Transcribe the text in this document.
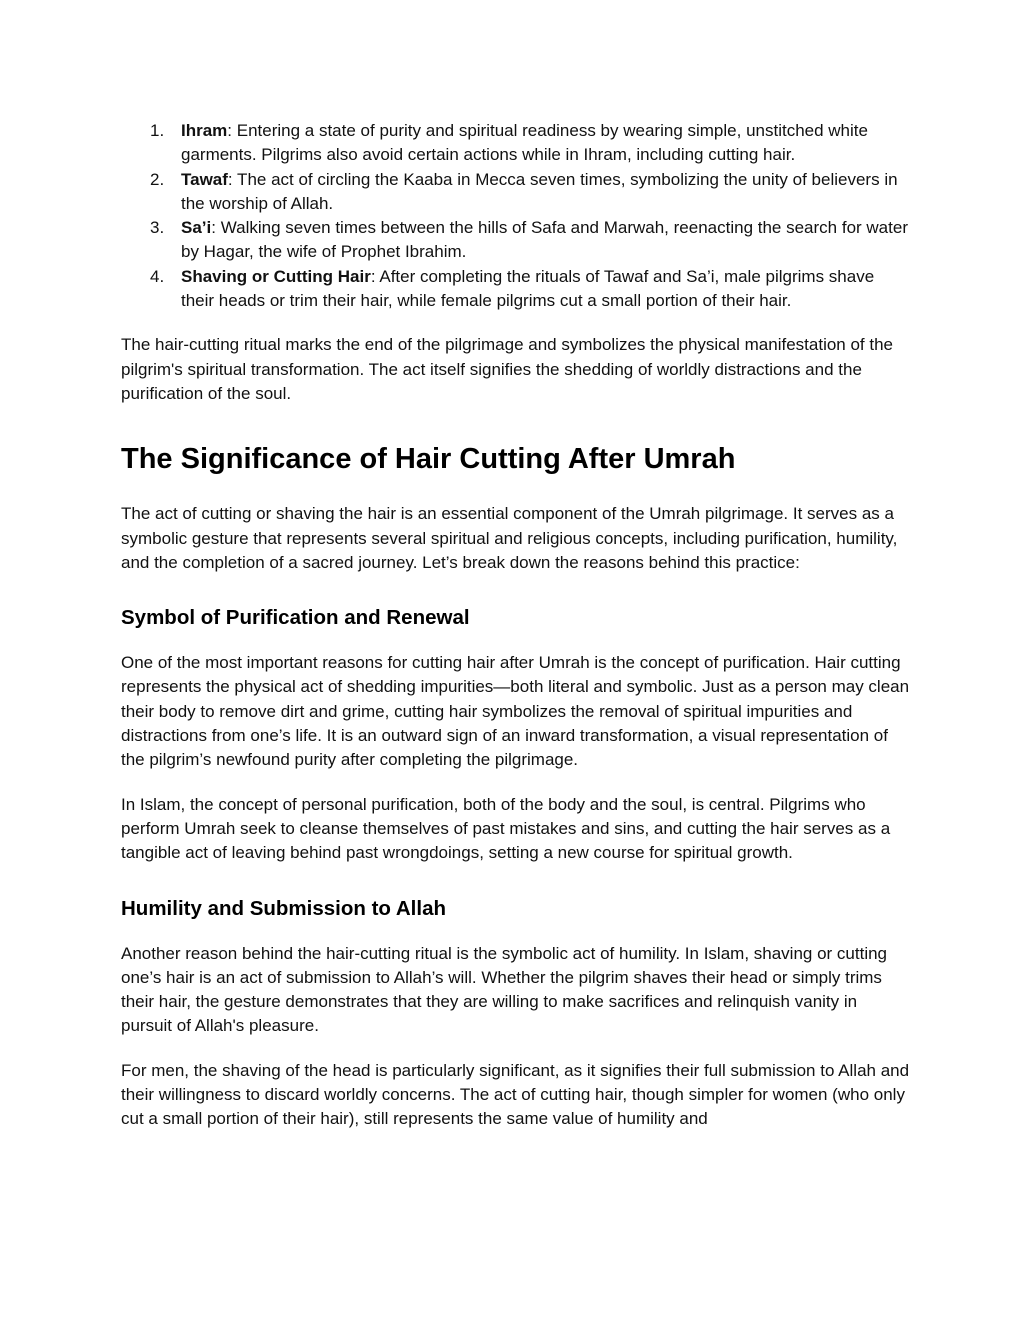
1. Ihram: Entering a state of purity and spiritual readiness by wearing simple, unstitched white garments. Pilgrims also avoid certain actions while in Ihram, including cutting hair.
2. Tawaf: The act of circling the Kaaba in Mecca seven times, symbolizing the unity of believers in the worship of Allah.
3. Sa’i: Walking seven times between the hills of Safa and Marwah, reenacting the search for water by Hagar, the wife of Prophet Ibrahim.
4. Shaving or Cutting Hair: After completing the rituals of Tawaf and Sa’i, male pilgrims shave their heads or trim their hair, while female pilgrims cut a small portion of their hair.

The hair-cutting ritual marks the end of the pilgrimage and symbolizes the physical manifestation of the pilgrim's spiritual transformation. The act itself signifies the shedding of worldly distractions and the purification of the soul.

The Significance of Hair Cutting After Umrah

The act of cutting or shaving the hair is an essential component of the Umrah pilgrimage. It serves as a symbolic gesture that represents several spiritual and religious concepts, including purification, humility, and the completion of a sacred journey. Let’s break down the reasons behind this practice:

Symbol of Purification and Renewal

One of the most important reasons for cutting hair after Umrah is the concept of purification. Hair cutting represents the physical act of shedding impurities—both literal and symbolic. Just as a person may clean their body to remove dirt and grime, cutting hair symbolizes the removal of spiritual impurities and distractions from one’s life. It is an outward sign of an inward transformation, a visual representation of the pilgrim’s newfound purity after completing the pilgrimage.

In Islam, the concept of personal purification, both of the body and the soul, is central. Pilgrims who perform Umrah seek to cleanse themselves of past mistakes and sins, and cutting the hair serves as a tangible act of leaving behind past wrongdoings, setting a new course for spiritual growth.

Humility and Submission to Allah

Another reason behind the hair-cutting ritual is the symbolic act of humility. In Islam, shaving or cutting one’s hair is an act of submission to Allah’s will. Whether the pilgrim shaves their head or simply trims their hair, the gesture demonstrates that they are willing to make sacrifices and relinquish vanity in pursuit of Allah's pleasure.

For men, the shaving of the head is particularly significant, as it signifies their full submission to Allah and their willingness to discard worldly concerns. The act of cutting hair, though simpler for women (who only cut a small portion of their hair), still represents the same value of humility and
